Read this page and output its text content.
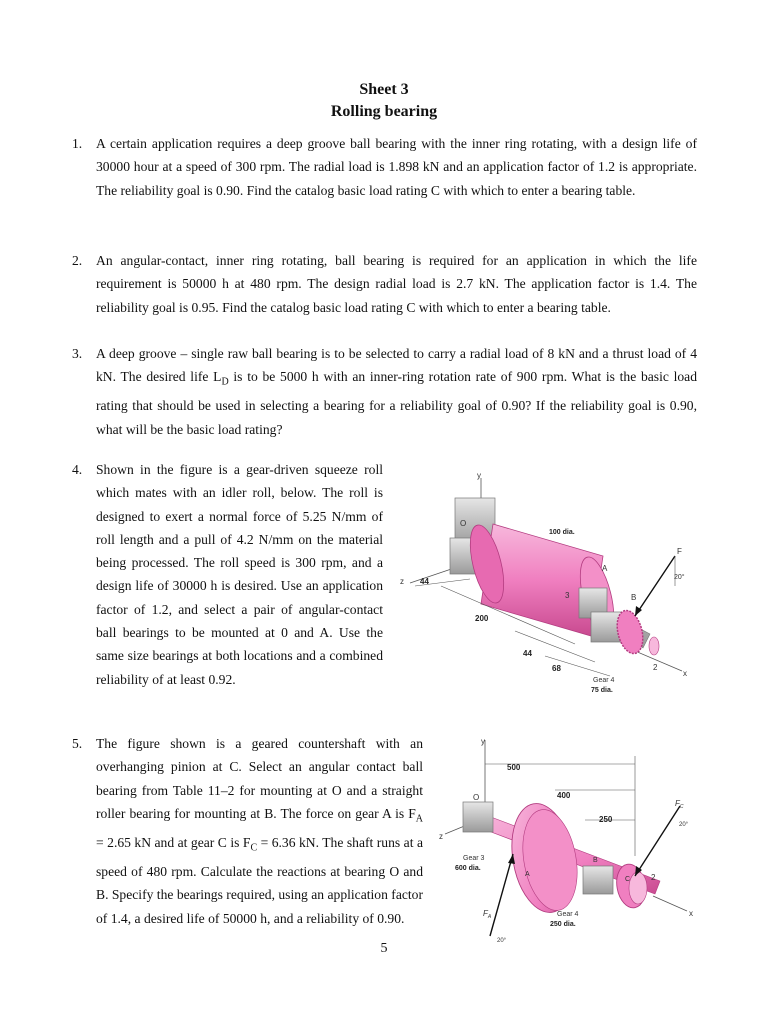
Sheet 3
Rolling bearing
1. A certain application requires a deep groove ball bearing with the inner ring rotating, with a design life of 30000 hour at a speed of 300 rpm. The radial load is 1.898 kN and an application factor of 1.2 is appropriate. The reliability goal is 0.90. Find the catalog basic load rating C with which to enter a bearing table.
2. An angular-contact, inner ring rotating, ball bearing is required for an application in which the life requirement is 50000 h at 480 rpm. The design radial load is 2.7 kN. The application factor is 1.4. The reliability goal is 0.95. Find the catalog basic load rating C with which to enter a bearing table.
3. A deep groove – single raw ball bearing is to be selected to carry a radial load of 8 kN and a thrust load of 4 kN. The desired life $L_D$ is to be 5000 h with an inner-ring rotation rate of 900 rpm. What is the basic load rating that should be used in selecting a bearing for a reliability goal of 0.90? If the reliability goal is 0.90, what will be the basic load rating?
4. Shown in the figure is a gear-driven squeeze roll which mates with an idler roll, below. The roll is designed to exert a normal force of 5.25 N/mm of roll length and a pull of 4.2 N/mm on the material being processed. The roll speed is 300 rpm, and a design life of 30000 h is desired. Use an application factor of 1.2, and select a pair of angular-contact ball bearings to be mounted at 0 and A. Use the same size bearings at both locations and a combined reliability of at least 0.92.
5. The figure shown is a geared countershaft with an overhanging pinion at C. Select an angular contact ball bearing from Table 11–2 for mounting at O and a straight roller bearing for mounting at B. The force on gear A is $F_A = 2.65$ kN and at gear C is $F_C = 6.36$ kN. The shaft runs at a speed of 480 rpm. Calculate the reactions at bearing O and B. Specify the bearings required, using an application factor of 1.4, a desired life of 50000 h, and a reliability of 0.90.
y
z
x
O
A
B
F
2
3
44
200
44
68
100 dia.
20°
Gear 4
75 dia.
y
z
x
O
A
B
C	2
$F_C$
$F_A$
500
400
250
20°
20°
Gear 3
600 dia.
Gear 4
250 dia.
5
